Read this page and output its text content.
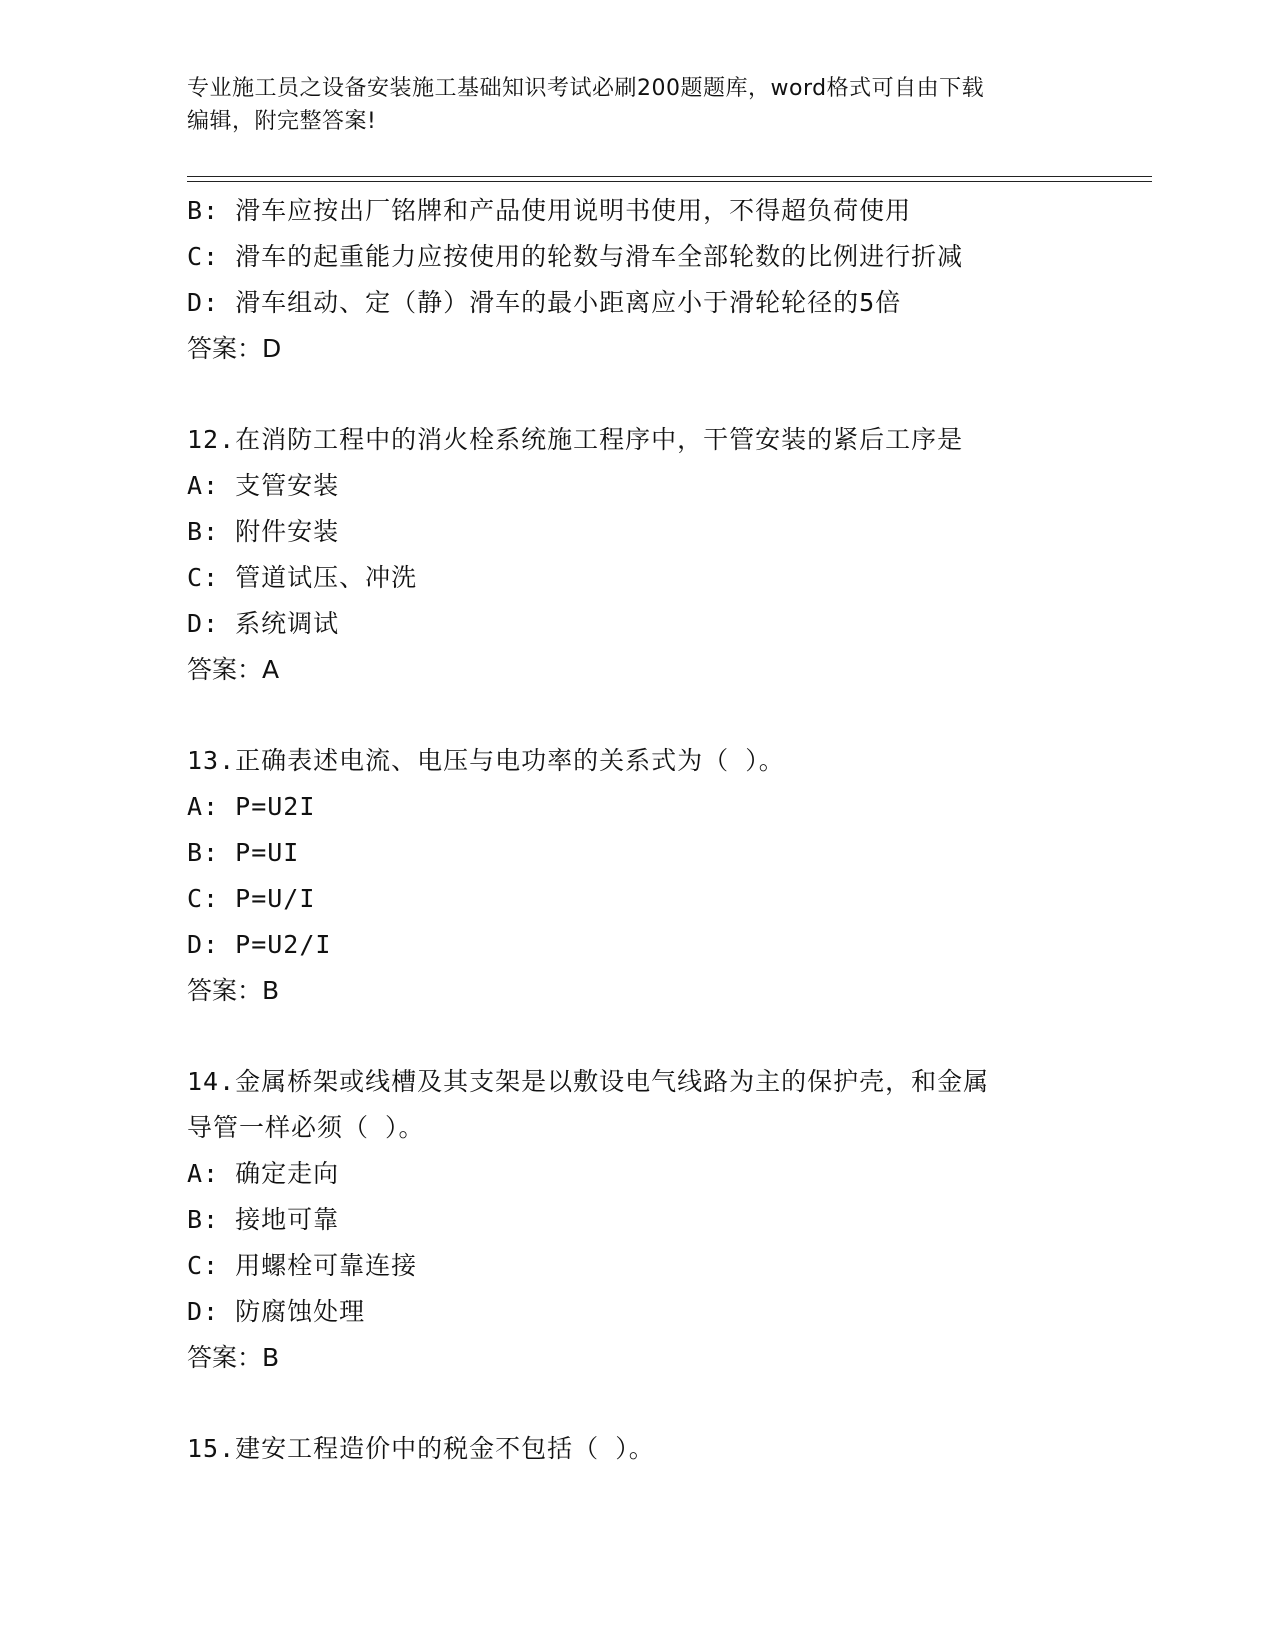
专业施工员之设备安装施工基础知识考试必刷200题题库，word格式可自由下载
编辑，附完整答案!
B: 滑车应按出厂铭牌和产品使用说明书使用，不得超负荷使用
C: 滑车的起重能力应按使用的轮数与滑车全部轮数的比例进行折减
D: 滑车组动、定（静）滑车的最小距离应小于滑轮轮径的5倍
答案：D
12.在消防工程中的消火栓系统施工程序中，干管安装的紧后工序是
A: 支管安装
B: 附件安装
C: 管道试压、冲洗
D: 系统调试
答案：A
13.正确表述电流、电压与电功率的关系式为（ ）。
A: P=U2I
B: P=UI
C: P=U/I
D: P=U2/I
答案：B
14.金属桥架或线槽及其支架是以敷设电气线路为主的保护壳，和金属
导管一样必须（ ）。
A: 确定走向
B: 接地可靠
C: 用螺栓可靠连接
D: 防腐蚀处理
答案：B
15.建安工程造价中的税金不包括（ ）。
